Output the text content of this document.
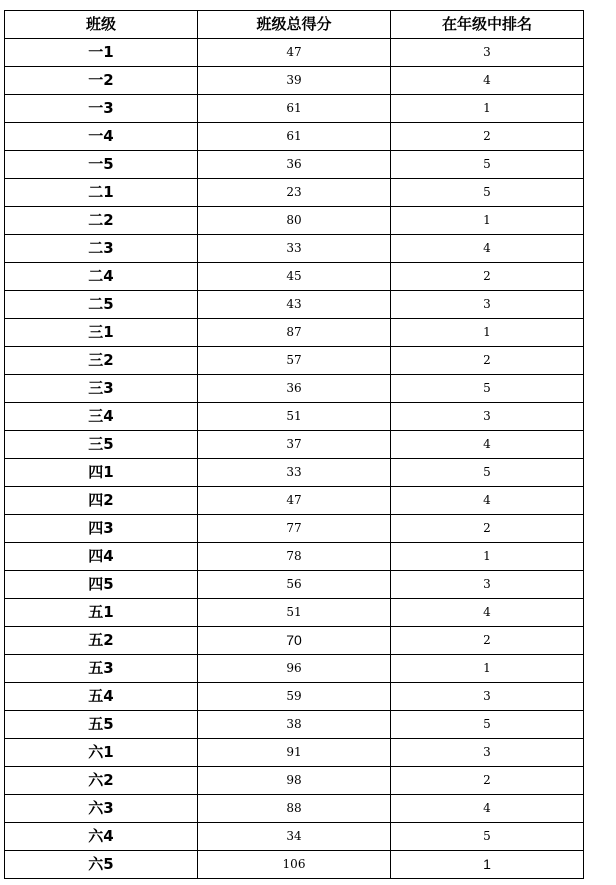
班级	班级总得分	在年级中排名
一1	47	3
一2	39	4
一3	61	1
一4	61	2
一5	36	5
二1	23	5
二2	80	1
二3	33	4
二4	45	2
二5	43	3
三1	87	1
三2	57	2
三3	36	5
三4	51	3
三5	37	4
四1	33	5
四2	47	4
四3	77	2
四4	78	1
四5	56	3
五1	51	4
五2	70	2
五3	96	1
五4	59	3
五5	38	5
六1	91	3
六2	98	2
六3	88	4
六4	34	5
六5	106	1
